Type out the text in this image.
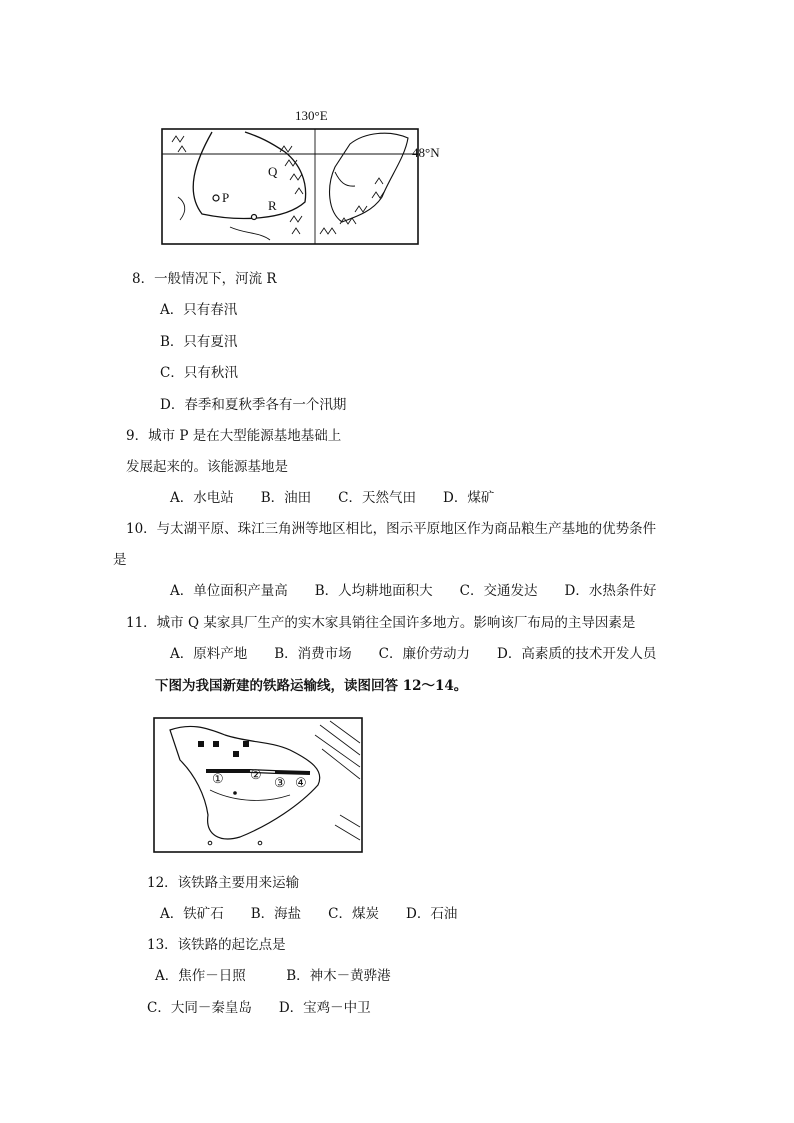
130°E
48°N
P
Q
R
8．一般情况下，河流 R
A．只有春汛
B．只有夏汛
C．只有秋汛
D．春季和夏秋季各有一个汛期
9．城市 P 是在大型能源基地基础上
发展起来的。该能源基地是
A．水电站　　B．油田　　C．天然气田　　D．煤矿
10．与太湖平原、珠江三角洲等地区相比，图示平原地区作为商品粮生产基地的优势条件
是
A．单位面积产量高　　B．人均耕地面积大　　C．交通发达　　D．水热条件好
11．城市 Q 某家具厂生产的实木家具销往全国许多地方。影响该厂布局的主导因素是
A．原料产地　　B．消费市场　　C．廉价劳动力　　D．高素质的技术开发人员
下图为我国新建的铁路运输线，读图回答 12～14。
① ②
③ ④
12．该铁路主要用来运输
A．铁矿石　　B．海盐　　C．煤炭　　D．石油
13．该铁路的起讫点是
A．焦作－日照　　　B．神木－黄骅港
C．大同－秦皇岛　　D．宝鸡－中卫
